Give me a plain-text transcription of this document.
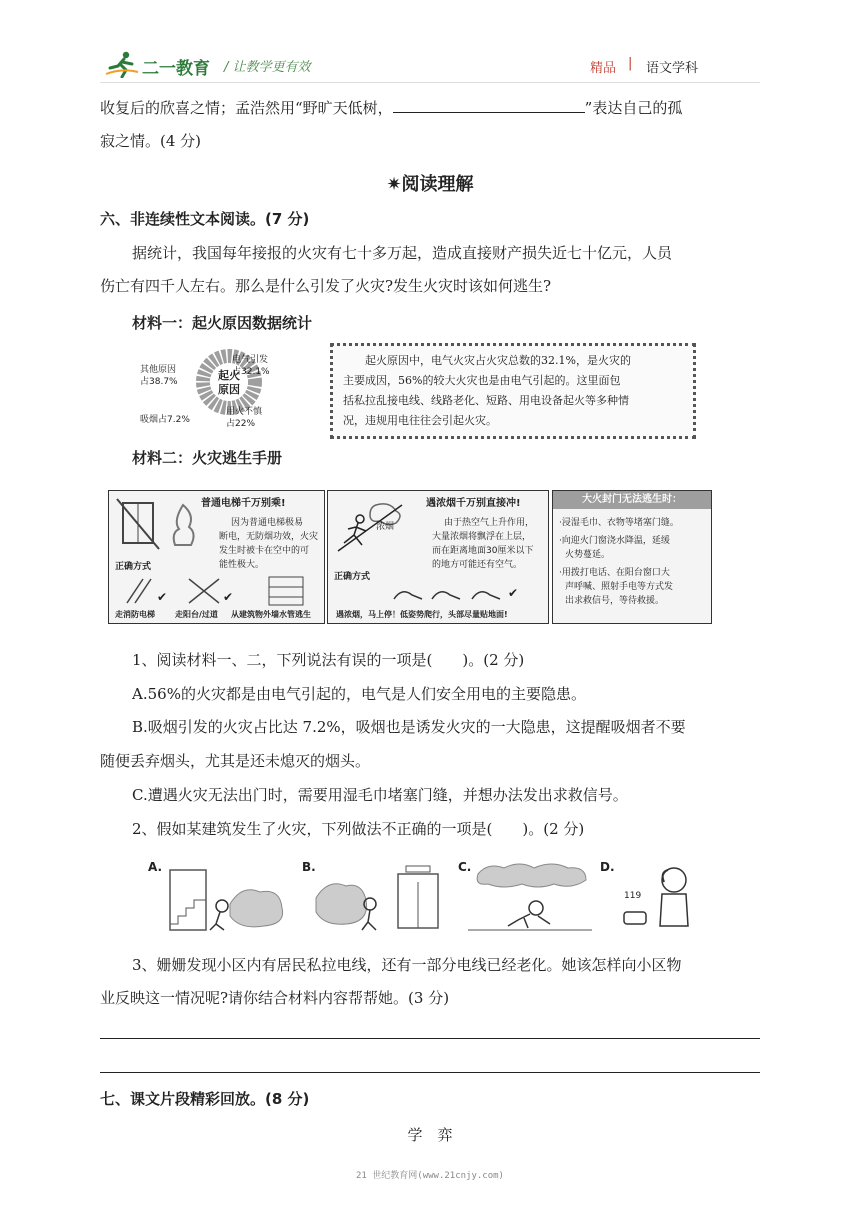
二一教育 / 让教学更有效	精品 | 语文学科
收复后的欣喜之情；孟浩然用“野旷天低树，	”表达自己的孤
寂之情。(4 分)
✷阅读理解
六、非连续性文本阅读。(7 分)
据统计，我国每年接报的火灾有七十多万起，造成直接财产损失近七十亿元，人员
伤亡有四千人左右。那么是什么引发了火灾?发生火灾时该如何逃生?
材料一：起火原因数据统计
起火
原因
其他原因
占38.7%
电气引发
占32.1%
吸烟占7.2%
用火不慎
占22%
起火原因中，电气火灾占火灾总数的32.1%，是火灾的
主要成因，56%的较大火灾也是由电气引起的。这里面包
括私拉乱接电线、线路老化、短路、用电设备起火等多种情
况，违规用电往往会引起火灾。
材料二：火灾逃生手册
普通电梯千万别乘!
因为普通电梯极易
断电，无防烟功效，火灾
发生时被卡在空中的可
能性极大。
正确方式
✔	✔
走消防电梯	走阳台/过道 从建筑物外墙水管逃生
浓烟
遇浓烟千万别直接冲!
由于热空气上升作用，
大量浓烟将飘浮在上层，
而在距离地面30厘米以下
的地方可能还有空气。
正确方式
✔
遇浓烟，马上停！低姿势爬行，头部尽量贴地面!
大火封门无法逃生时：
·浸湿毛巾、衣物等堵塞门缝。
·向迎火门窗浇水降温，延缓
火势蔓延。
·用拨打电话、在阳台窗口大
声呼喊、照射手电等方式发
出求救信号，等待救援。
1、阅读材料一、二，下列说法有误的一项是(　　)。(2 分)
A.56%的火灾都是由电气引起的，电气是人们安全用电的主要隐患。
B.吸烟引发的火灾占比达 7.2%，吸烟也是诱发火灾的一大隐患，这提醒吸烟者不要
随便丢弃烟头，尤其是还未熄灭的烟头。
C.遭遇火灾无法出门时，需要用湿毛巾堵塞门缝，并想办法发出求救信号。
2、假如某建筑发生了火灾，下列做法不正确的一项是(　　)。(2 分)
A.	B.	C.	D.
119
3、姗姗发现小区内有居民私拉电线，还有一部分电线已经老化。她该怎样向小区物
业反映这一情况呢?请你结合材料内容帮帮她。(3 分)
七、课文片段精彩回放。(8 分)
学　弈
21 世纪教育网(www.21cnjy.com)
